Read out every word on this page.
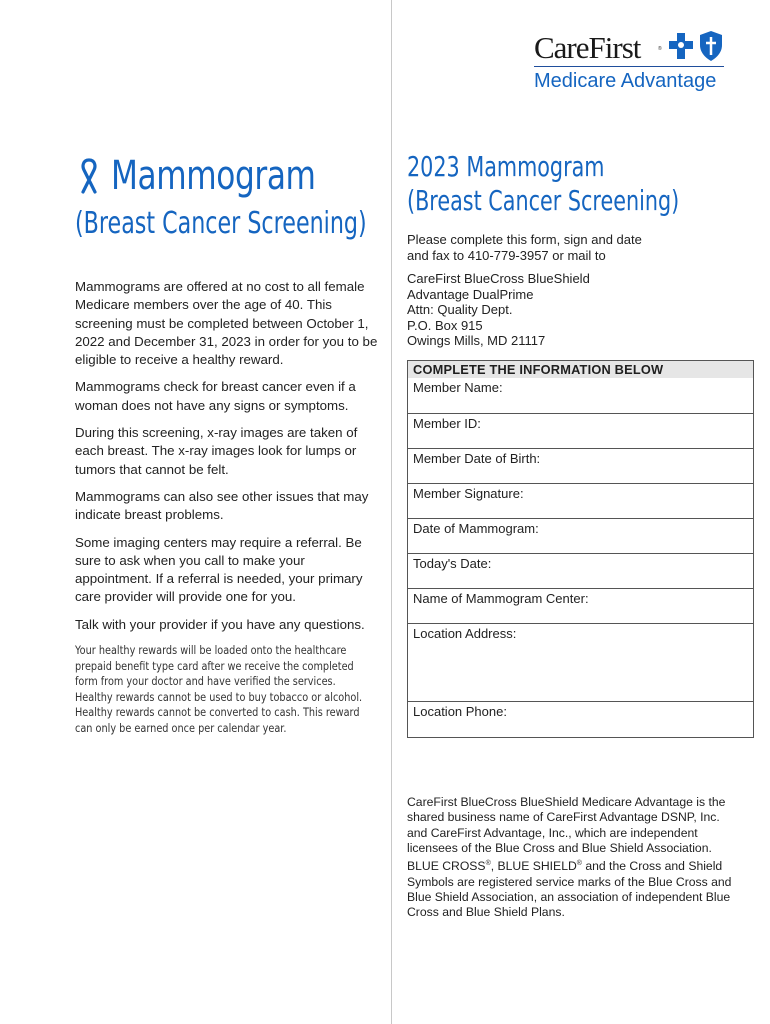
CareFirst	®
Medicare Advantage
Mammogram
(Breast Cancer Screening)

Mammograms are offered at no cost to all female Medicare members over the age of 40. This screening must be completed between October 1, 2022 and December 31, 2023 in order for you to be eligible to receive a healthy reward.

Mammograms check for breast cancer even if a woman does not have any signs or symptoms.

During this screening, x-ray images are taken of each breast. The x-ray images look for lumps or tumors that cannot be felt.

Mammograms can also see other issues that may indicate breast problems.

Some imaging centers may require a referral. Be sure to ask when you call to make your appointment. If a referral is needed, your primary care provider will provide one for you.

Talk with your provider if you have any questions.

Your healthy rewards will be loaded onto the healthcare prepaid benefit type card after we receive the completed form from your doctor and have verified the services. Healthy rewards cannot be used to buy tobacco or alcohol. Healthy rewards cannot be converted to cash. This reward can only be earned once per calendar year.
2023 Mammogram
(Breast Cancer Screening)
Please complete this form, sign and date
and fax to 410-779-3957 or mail to
CareFirst BlueCross BlueShield
Advantage DualPrime
Attn: Quality Dept.
P.O. Box 915
Owings Mills, MD 21117
COMPLETE THE INFORMATION BELOW
Member Name:
Member ID:
Member Date of Birth:
Member Signature:
Date of Mammogram:
Today's Date:
Name of Mammogram Center:
Location Address:
Location Phone:
CareFirst BlueCross BlueShield Medicare Advantage is the shared business name of CareFirst Advantage DSNP, Inc. and CareFirst Advantage, Inc., which are independent licensees of the Blue Cross and Blue Shield Association. BLUE CROSS®, BLUE SHIELD® and the Cross and Shield Symbols are registered service marks of the Blue Cross and Blue Shield Association, an association of independent Blue Cross and Blue Shield Plans.
